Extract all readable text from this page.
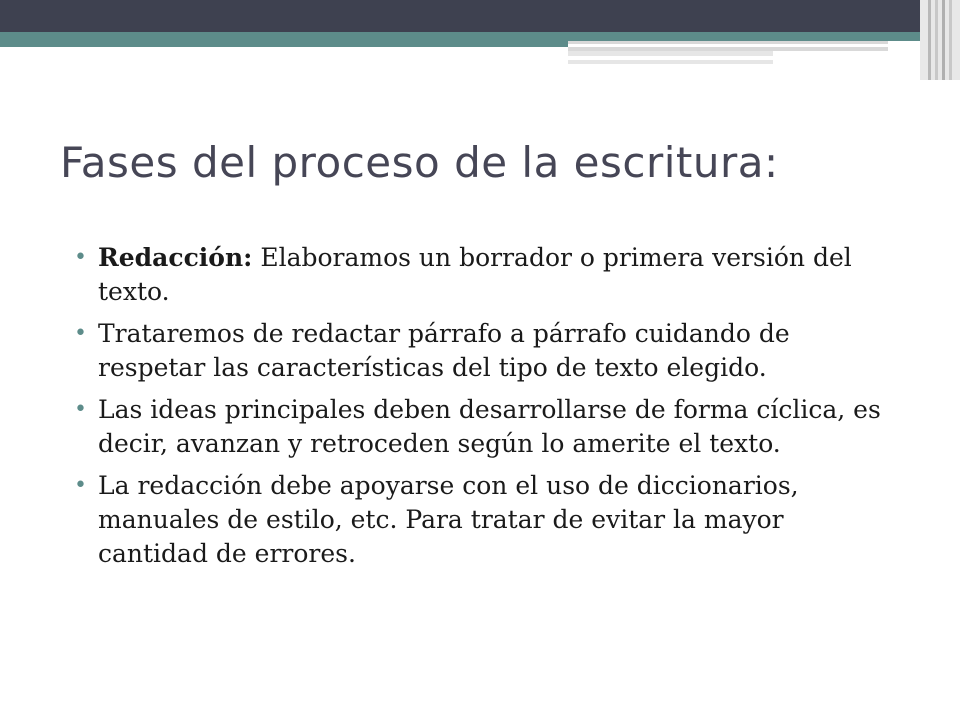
Fases del proceso de la escritura:
• Redacción: Elaboramos un borrador o primera versión del texto.
• Trataremos de redactar párrafo a párrafo cuidando de respetar las características del tipo de texto elegido.
• Las ideas principales deben desarrollarse de forma cíclica, es decir, avanzan y retroceden según lo amerite el texto.
• La redacción debe apoyarse con el uso de diccionarios, manuales de estilo, etc. Para tratar de evitar la mayor cantidad de errores.
